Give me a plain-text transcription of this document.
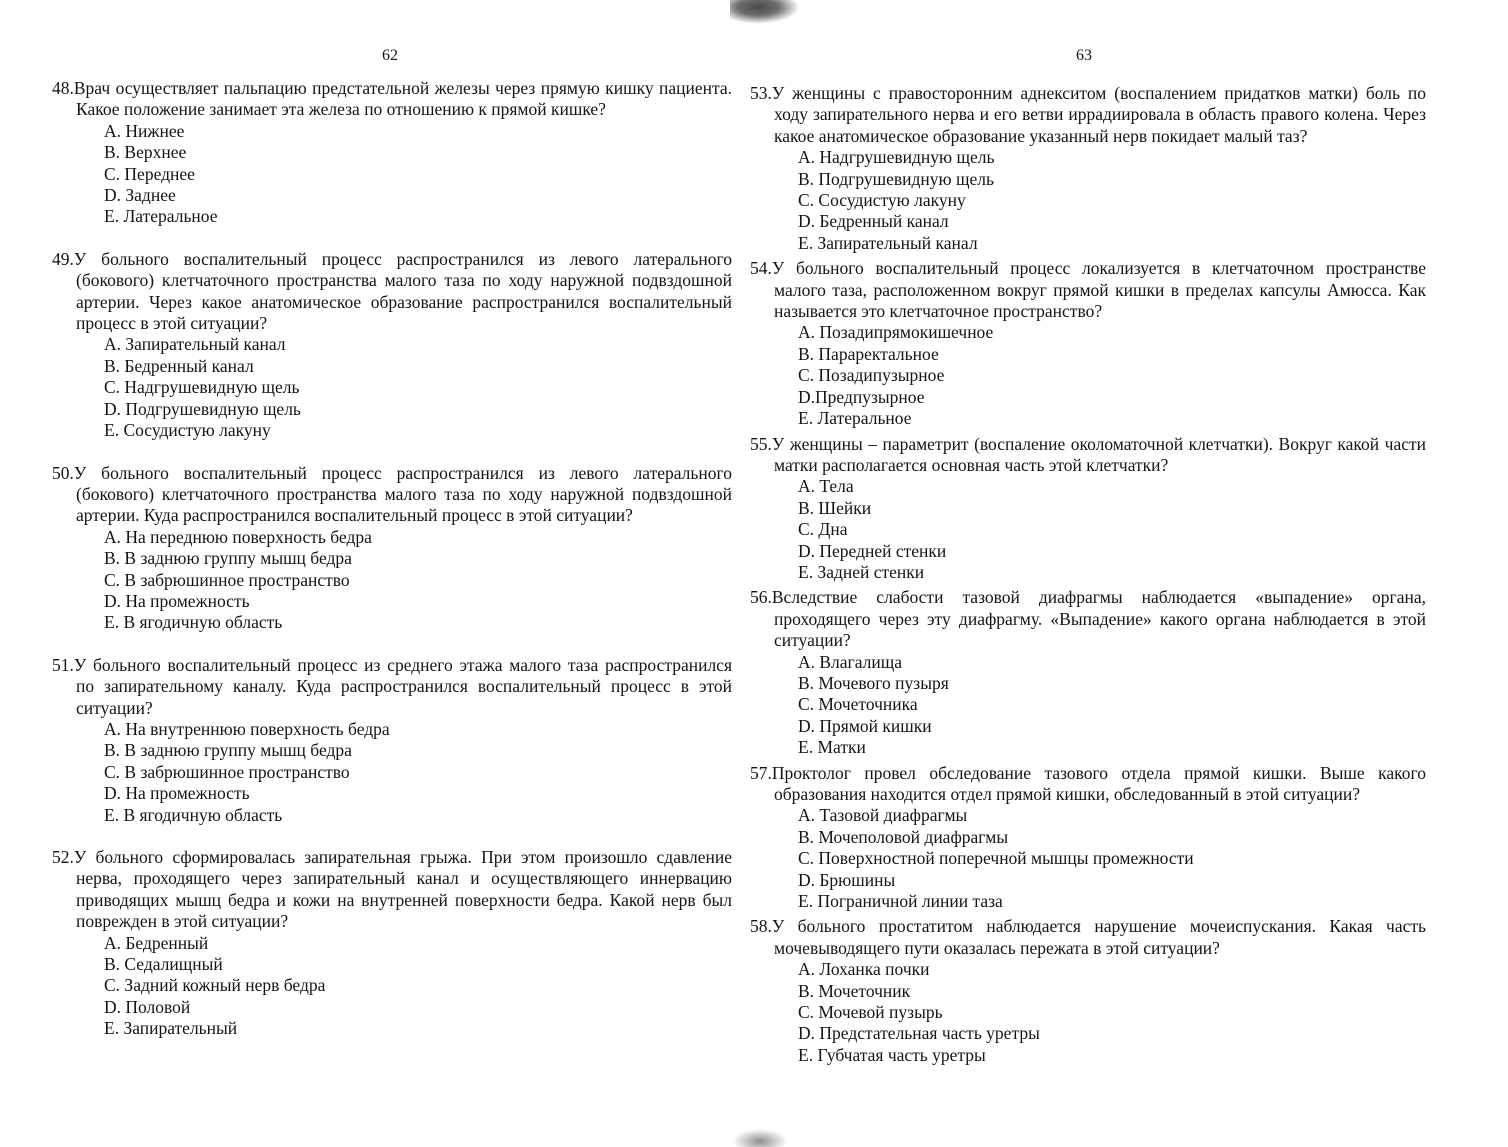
62
48.Врач осуществляет пальпацию предстательной железы через прямую кишку пациента. Какое положение занимает эта железа по отношению к прямой кишке?
А. Нижнее
В. Верхнее
С. Переднее
D. Заднее
Е. Латеральное
49.У больного воспалительный процесс распространился из левого латерального (бокового) клетчаточного пространства малого таза по ходу наружной подвздошной артерии. Через какое анатомическое образование распространился воспалительный процесс в этой ситуации?
А. Запирательный канал
В. Бедренный канал
С. Надгрушевидную щель
D. Подгрушевидную щель
Е. Сосудистую лакуну
50.У больного воспалительный процесс распространился из левого латерального (бокового) клетчаточного пространства малого таза по ходу наружной подвздошной артерии. Куда распространился воспалительный процесс в этой ситуации?
А. На переднюю поверхность бедра
В. В заднюю группу мышц бедра
С. В забрюшинное пространство
D. На промежность
Е. В ягодичную область
51.У больного воспалительный процесс из среднего этажа малого таза распространился по запирательному каналу. Куда распространился воспалительный процесс в этой ситуации?
А. На внутреннюю поверхность бедра
В. В заднюю группу мышц бедра
С. В забрюшинное пространство
D. На промежность
Е. В ягодичную область
52.У больного сформировалась запирательная грыжа. При этом произошло сдавление нерва, проходящего через запирательный канал и осуществляющего иннервацию приводящих мышц бедра и кожи на внутренней поверхности бедра. Какой нерв был поврежден в этой ситуации?
А. Бедренный
В. Седалищный
С. Задний кожный нерв бедра
D. Половой
Е. Запирательный
63
53.У женщины с правосторонним аднекситом (воспалением придатков матки) боль по ходу запирательного нерва и его ветви иррадиировала в область правого колена. Через какое анатомическое образование указанный нерв покидает малый таз?
А. Надгрушевидную щель
В. Подгрушевидную щель
С. Сосудистую лакуну
D. Бедренный канал
Е. Запирательный канал
54.У больного воспалительный процесс локализуется в клетчаточном пространстве малого таза, расположенном вокруг прямой кишки в пределах капсулы Амюсса. Как называется это клетчаточное пространство?
А. Позадипрямокишечное
В. Параректальное
С. Позадипузырное
D.Предпузырное
Е. Латеральное
55.У женщины – параметрит (воспаление околоматочной клетчатки). Вокруг какой части матки располагается основная часть этой клетчатки?
А. Тела
В. Шейки
С. Дна
D. Передней стенки
Е. Задней стенки
56.Вследствие слабости тазовой диафрагмы наблюдается «выпадение» органа, проходящего через эту диафрагму. «Выпадение» какого органа наблюдается в этой ситуации?
А. Влагалища
В. Мочевого пузыря
С. Мочеточника
D. Прямой кишки
Е. Матки
57.Проктолог провел обследование тазового отдела прямой кишки. Выше какого образования находится отдел прямой кишки, обследованный в этой ситуации?
А. Тазовой диафрагмы
В. Мочеполовой диафрагмы
С. Поверхностной поперечной мышцы промежности
D. Брюшины
Е. Пограничной линии таза
58.У больного простатитом наблюдается нарушение мочеиспускания. Какая часть мочевыводящего пути оказалась пережата в этой ситуации?
А. Лоханка почки
В. Мочеточник
С. Мочевой пузырь
D. Предстательная часть уретры
Е. Губчатая часть уретры
